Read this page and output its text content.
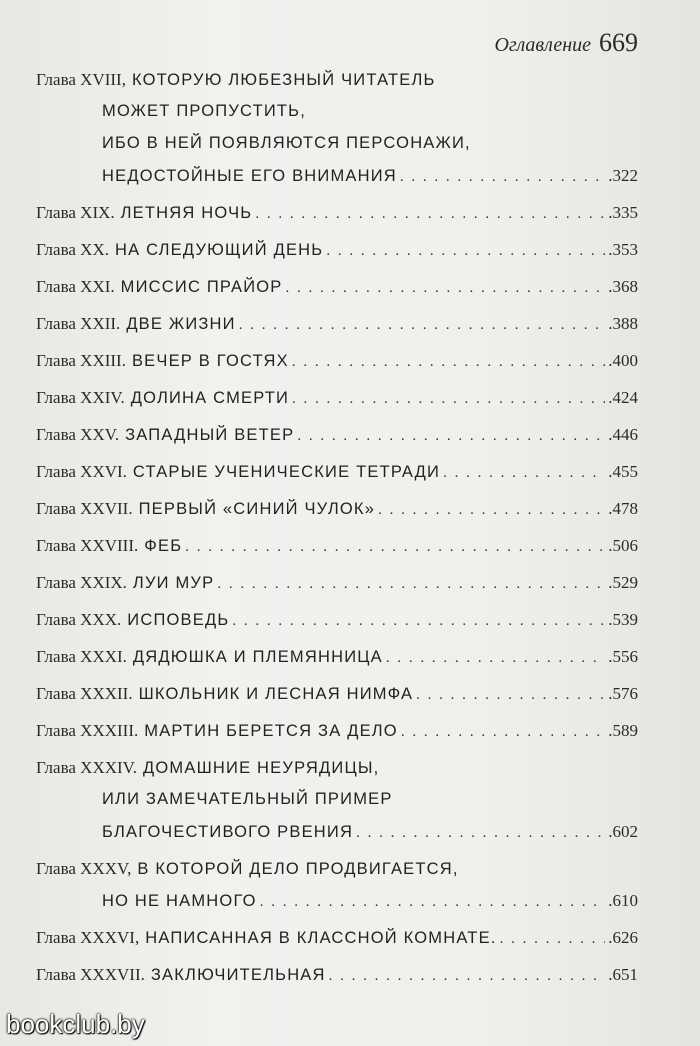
Оглавление 669
Глава XVIII, КОТОРУЮ ЛЮБЕЗНЫЙ ЧИТАТЕЛЬ
МОЖЕТ ПРОПУСТИТЬ,
ИБО В НЕЙ ПОЯВЛЯЮТСЯ ПЕРСОНАЖИ,
НЕДОСТОЙНЫЕ ЕГО ВНИМАНИЯ . . .	.322
Глава XIX. ЛЕТНЯЯ НОЧЬ . . .	.335
Глава XX. НА СЛЕДУЮЩИЙ ДЕНЬ . . .	.353
Глава XXI. МИССИС ПРАЙОР . . .	.368
Глава XXII. ДВЕ ЖИЗНИ . . .	.388
Глава XXIII. ВЕЧЕР В ГОСТЯХ . . .	.400
Глава XXIV. ДОЛИНА СМЕРТИ . . .	.424
Глава XXV. ЗАПАДНЫЙ ВЕТЕР . . .	.446
Глава XXVI. СТАРЫЕ УЧЕНИЧЕСКИЕ ТЕТРАДИ . . .	.455
Глава XXVII. ПЕРВЫЙ «СИНИЙ ЧУЛОК» . . .	.478
Глава XXVIII. ФЕБ . . .	.506
Глава XXIX. ЛУИ МУР . . .	.529
Глава XXX. ИСПОВЕДЬ . . .	.539
Глава XXXI. ДЯДЮШКА И ПЛЕМЯННИЦА . . .	.556
Глава XXXII. ШКОЛЬНИК И ЛЕСНАЯ НИМФА . . .	.576
Глава XXXIII. МАРТИН БЕРЕТСЯ ЗА ДЕЛО . . .	.589
Глава XXXIV. ДОМАШНИЕ НЕУРЯДИЦЫ,
ИЛИ ЗАМЕЧАТЕЛЬНЫЙ ПРИМЕР
БЛАГОЧЕСТИВОГО РВЕНИЯ . . .	.602
Глава XXXV, В КОТОРОЙ ДЕЛО ПРОДВИГАЕТСЯ,
НО НЕ НАМНОГО . . .	.610
Глава XXXVI, НАПИСАННАЯ В КЛАССНОЙ КОМНАТЕ. . . .	.626
Глава XXXVII. ЗАКЛЮЧИТЕЛЬНАЯ . . .	.651
bookclub.by
